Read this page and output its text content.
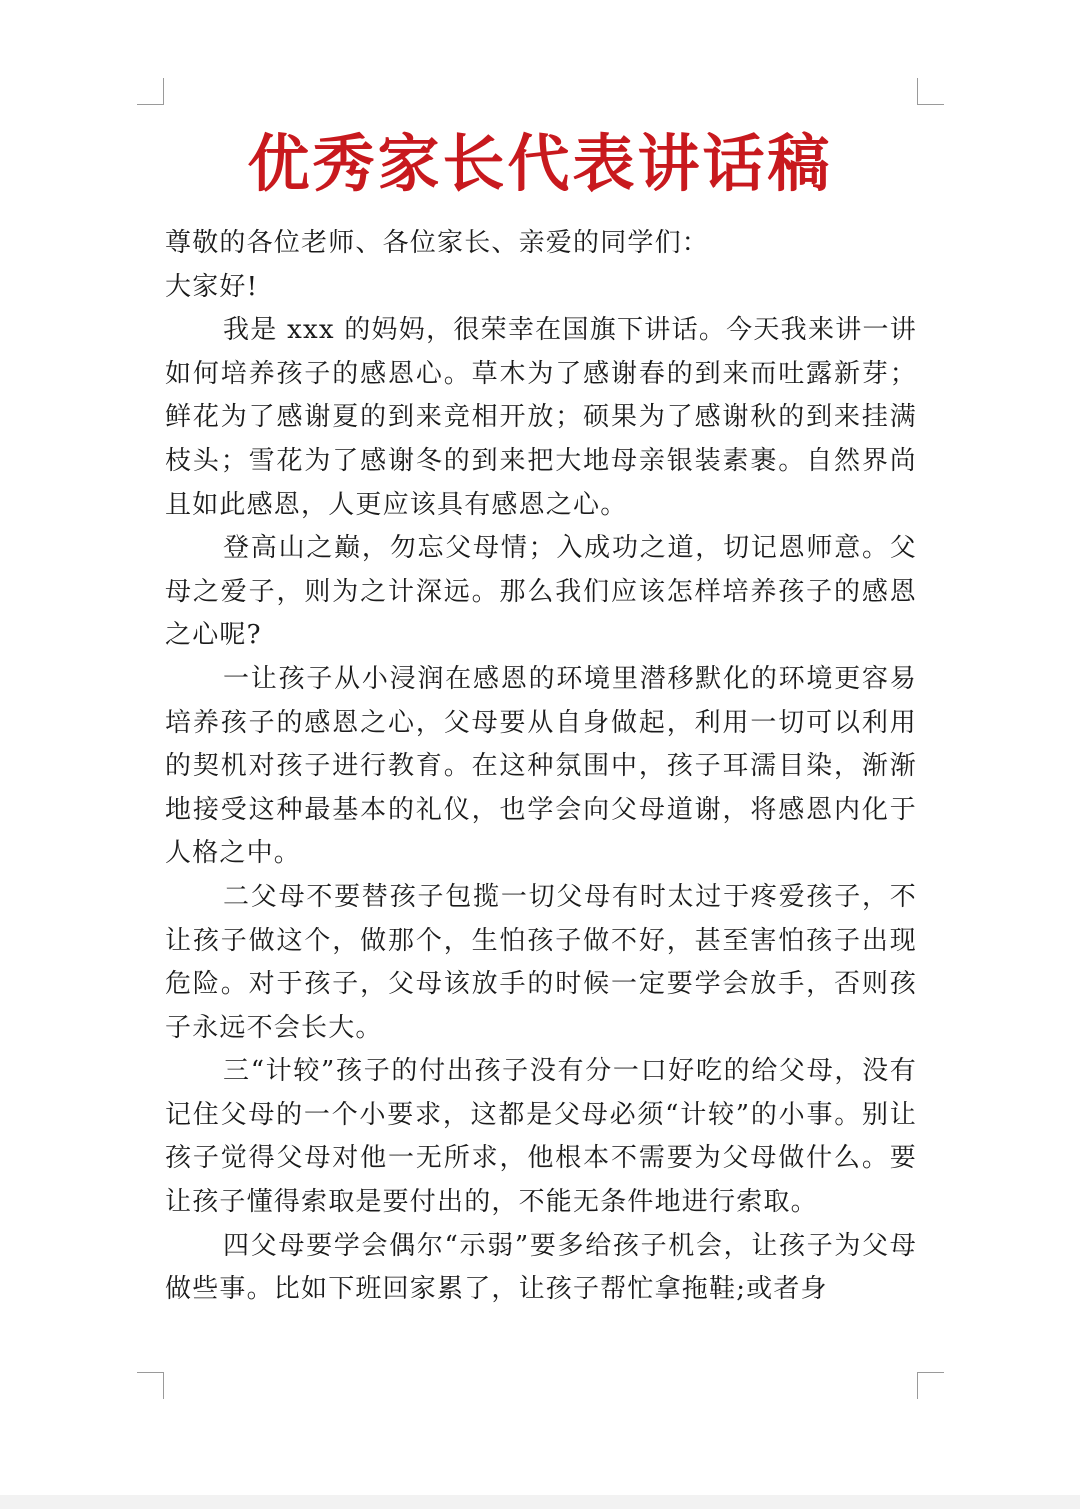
优秀家长代表讲话稿

尊敬的各位老师、各位家长、亲爱的同学们：

大家好!

我是 xxx 的妈妈，很荣幸在国旗下讲话。今天我来讲一讲如何培养孩子的感恩心。草木为了感谢春的到来而吐露新芽；鲜花为了感谢夏的到来竞相开放；硕果为了感谢秋的到来挂满枝头；雪花为了感谢冬的到来把大地母亲银装素裹。自然界尚且如此感恩，人更应该具有感恩之心。

登高山之巅，勿忘父母情；入成功之道，切记恩师意。父母之爱子，则为之计深远。那么我们应该怎样培养孩子的感恩之心呢?

一让孩子从小浸润在感恩的环境里潜移默化的环境更容易培养孩子的感恩之心，父母要从自身做起，利用一切可以利用的契机对孩子进行教育。在这种氛围中，孩子耳濡目染，渐渐地接受这种最基本的礼仪，也学会向父母道谢，将感恩内化于人格之中。

二父母不要替孩子包揽一切父母有时太过于疼爱孩子，不让孩子做这个，做那个，生怕孩子做不好，甚至害怕孩子出现危险。对于孩子，父母该放手的时候一定要学会放手，否则孩子永远不会长大。

三“计较”孩子的付出孩子没有分一口好吃的给父母，没有记住父母的一个小要求，这都是父母必须“计较”的小事。别让孩子觉得父母对他一无所求，他根本不需要为父母做什么。要让孩子懂得索取是要付出的，不能无条件地进行索取。

四父母要学会偶尔“示弱”要多给孩子机会，让孩子为父母做些事。比如下班回家累了，让孩子帮忙拿拖鞋;或者身
